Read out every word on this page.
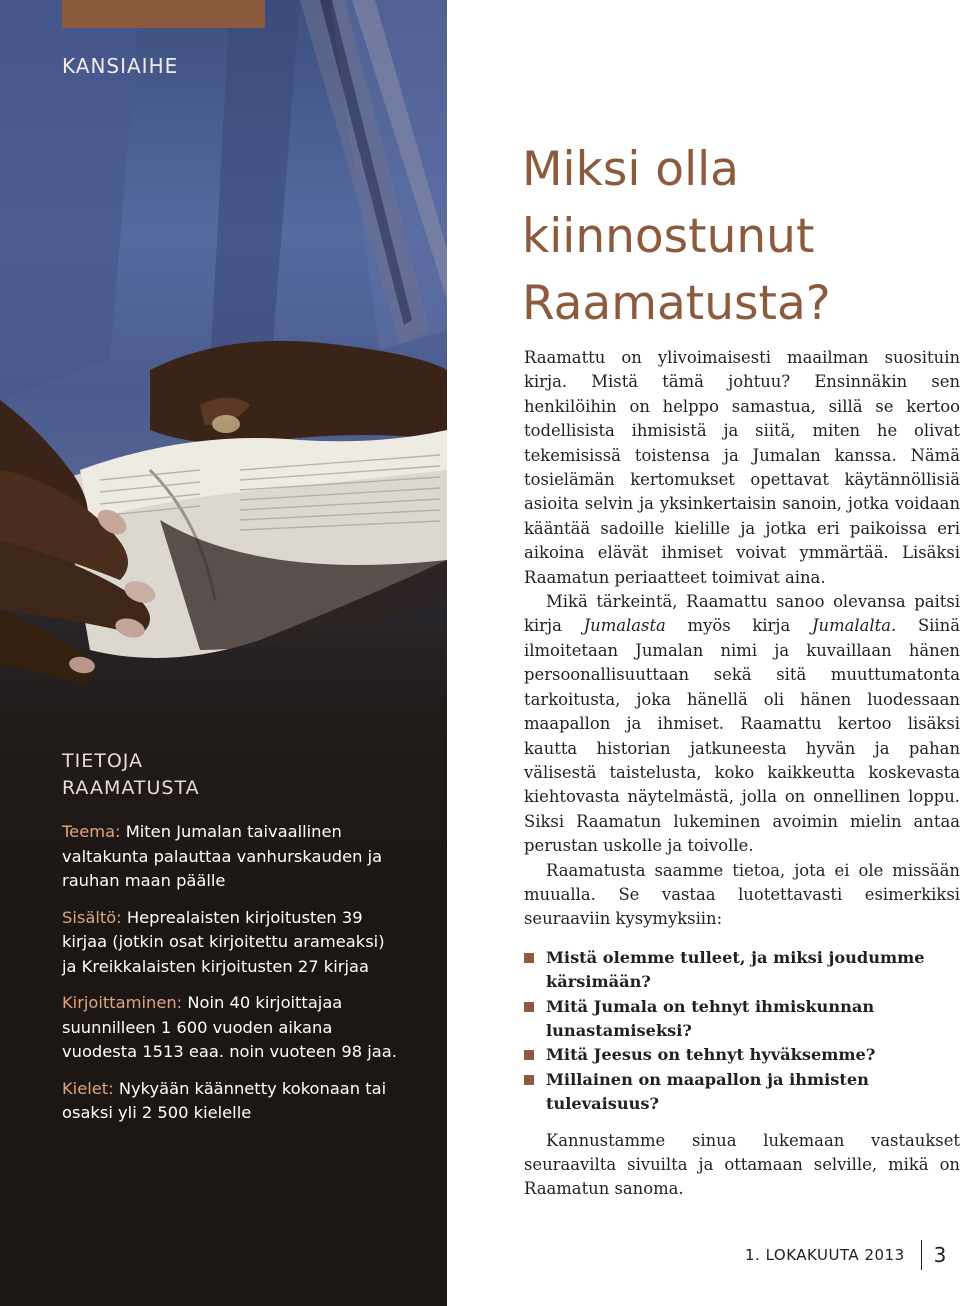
KANSIAIHE
TIETOJA
RAAMATUSTA
Teema: Miten Jumalan taivaallinen valtakunta palauttaa vanhurskauden ja rauhan maan päälle
Sisältö: Heprealaisten kirjoitusten 39 kirjaa (jotkin osat kirjoitettu arameaksi) ja Kreikkalaisten kirjoitusten 27 kirjaa
Kirjoittaminen: Noin 40 kirjoittajaa suunnilleen 1 600 vuoden aikana vuodesta 1513 eaa. noin vuoteen 98 jaa.
Kielet: Nykyään käännetty kokonaan tai osaksi yli 2 500 kielelle
Miksi olla
kiinnostunut
Raamatusta?

Raamattu on ylivoimaisesti maailman suosituin kirja. Mistä tämä johtuu? Ensinnäkin sen henkilöihin on helppo samastua, sillä se kertoo todellisista ihmisistä ja siitä, miten he olivat tekemisissä toistensa ja Jumalan kanssa. Nämä tosielämän kertomukset opettavat käytännöllisiä asioita selvin ja yksinkertaisin sanoin, jotka voidaan kääntää sadoille kielille ja jotka eri paikoissa eri aikoina elävät ihmiset voivat ymmärtää. Lisäksi Raamatun periaatteet toimivat aina.

Mikä tärkeintä, Raamattu sanoo olevansa paitsi kirja Jumalasta myös kirja Jumalalta. Siinä ilmoitetaan Jumalan nimi ja kuvaillaan hänen persoonallisuuttaan sekä sitä muuttumatonta tarkoitusta, joka hänellä oli hänen luodessaan maapallon ja ihmiset. Raamattu kertoo lisäksi kautta historian jatkuneesta hyvän ja pahan välisestä taistelusta, koko kaikkeutta koskevasta kiehtovasta näytelmästä, jolla on onnellinen loppu. Siksi Raamatun lukeminen avoimin mielin antaa perustan uskolle ja toivolle.

Raamatusta saamme tietoa, jota ei ole missään muualla. Se vastaa luotettavasti esimerkiksi seuraaviin kysymyksiin:

Mistä olemme tulleet, ja miksi joudumme kärsimään?
Mitä Jumala on tehnyt ihmiskunnan lunastamiseksi?
Mitä Jeesus on tehnyt hyväksemme?
Millainen on maapallon ja ihmisten tulevaisuus?

Kannustamme sinua lukemaan vastaukset seuraavilta sivuilta ja ottamaan selville, mikä on Raamatun sanoma.

1. LOKAKUUTA 2013 3
